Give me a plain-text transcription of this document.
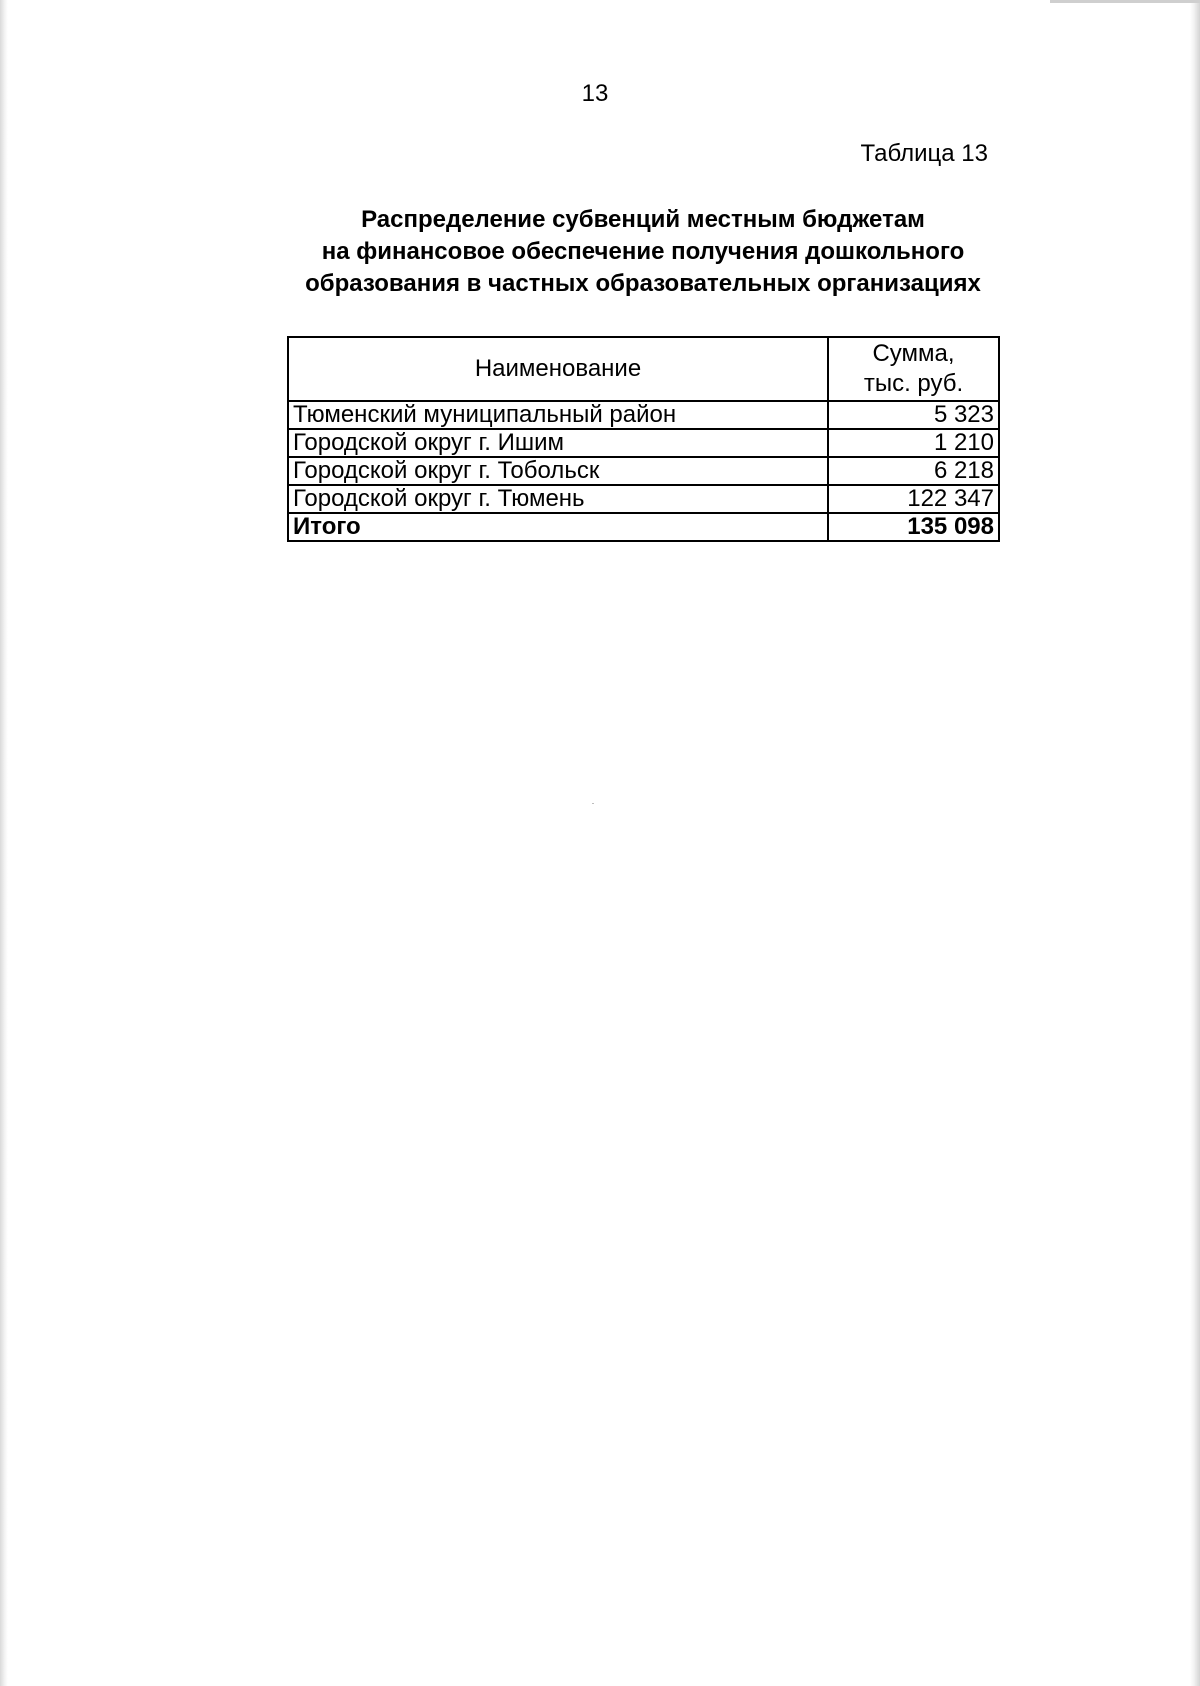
13
Таблица 13
Распределение субвенций местным бюджетам
на финансовое обеспечение получения дошкольного
образования в частных образовательных организациях
Наименование	Сумма,
тыс. руб.

Тюменский муниципальный район	5 323
Городской округ г. Ишим	1 210
Городской округ г. Тобольск	6 218
Городской округ г. Тюмень	122 347
Итого	135 098
